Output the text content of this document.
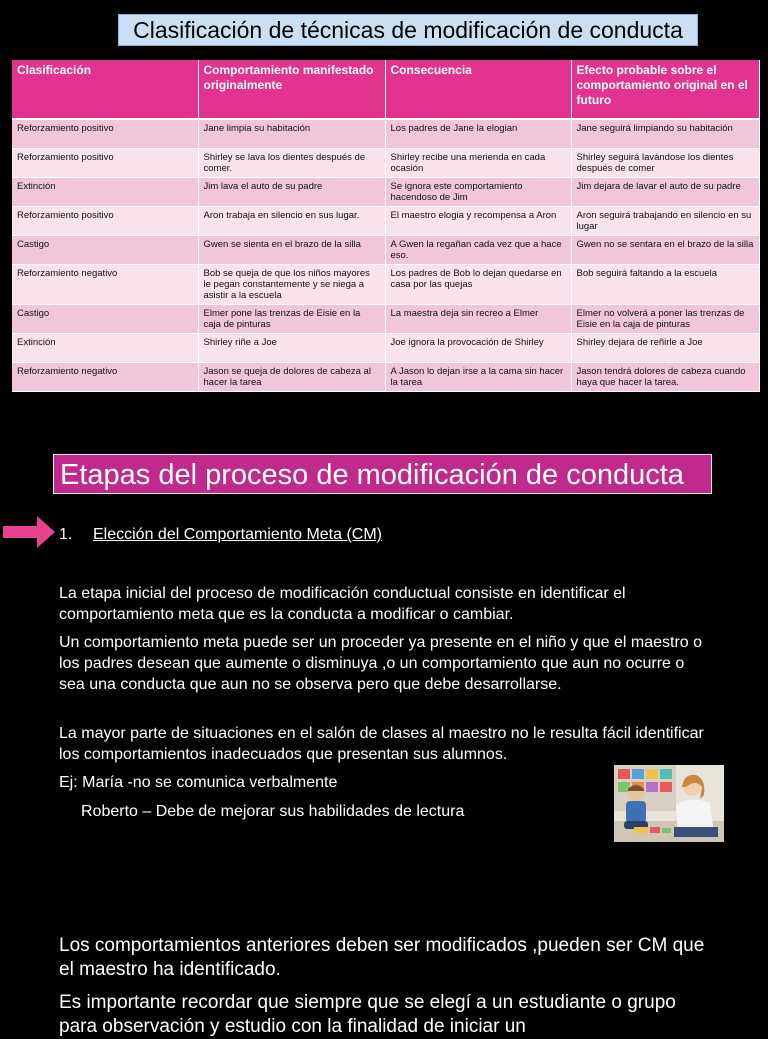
Clasificación de técnicas de modificación de conducta
Clasificación	Comportamiento manifestado originalmente	Consecuencia	Efecto probable sobre el comportamiento original en el futuro
Reforzamiento positivo	Jane limpia su habitación	Los padres de Jane la elogian	Jane seguirá limpiando su habitación
Reforzamiento positivo	Shirley se lava los dientes después de comer.	Shirley recibe una merienda en cada ocasión	Shirley seguirá lavándose los dientes después de comer
Extinción	Jim lava el auto de su padre	Se ignora este comportamiento hacendoso de Jim	Jim dejara de lavar el auto de su padre
Reforzamiento positivo	Aron trabaja en silencio en sus lugar.	El maestro elogia y recompensa a Aron	Aron seguirá trabajando en silencio en su lugar
Castigo	Gwen se sienta en el brazo de la silla	A Gwen la regañan cada vez que a hace eso.	Gwen no se sentara en el brazo de la silla
Reforzamiento negativo	Bob se queja de que los niños mayores le pegan constantemente y se niega a asistir a la escuela	Los padres de Bob lo dejan quedarse en casa por las quejas	Bob seguirá faltando a la escuela
Castigo	Elmer pone las trenzas de Eisie en la caja de pinturas	La maestra deja sin recreo a Elmer	Elmer no volverá a poner las trenzas de Eisie en la caja de pinturas
Extinción	Shirley riñe a Joe	Joe ignora la provocación de Shirley	Shirley dejara de reñirle a Joe
Reforzamiento negativo	Jason se queja de dolores de cabeza al hacer la tarea	A Jason lo dejan irse a la cama sin hacer la tarea	Jason tendrá dolores de cabeza cuando haya que hacer la tarea.
Etapas del proceso de modificación de conducta
1. Elección del Comportamiento Meta (CM)

La etapa inicial del proceso de modificación conductual consiste en identificar el comportamiento meta que es la conducta a modificar o cambiar.

Un comportamiento meta puede ser un proceder ya presente en el niño y que el maestro o los padres desean que aumente o disminuya ,o un comportamiento que aun no ocurre o sea una conducta que aun no se observa pero que debe desarrollarse.

La mayor parte de situaciones en el salón de clases al maestro no le resulta fácil identificar los comportamientos inadecuados que presentan sus alumnos.

Ej: María -no se comunica verbalmente

Roberto – Debe de mejorar sus habilidades de lectura

Los comportamientos anteriores deben ser modificados ,pueden ser CM que el maestro ha identificado.

Es importante recordar que siempre que se elegí a un estudiante o grupo para observación y estudio con la finalidad de iniciar un
